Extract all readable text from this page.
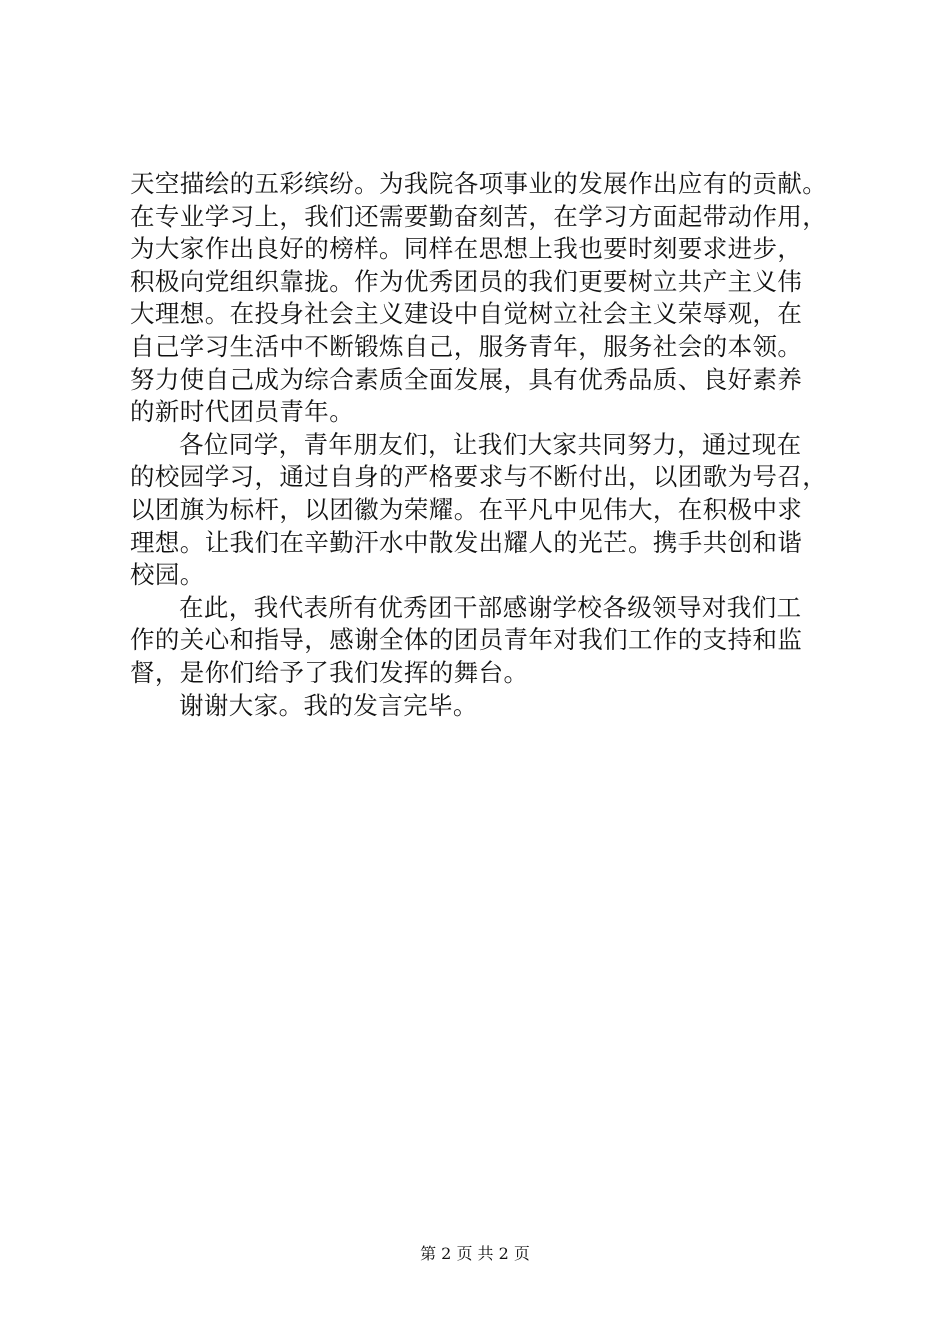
天空描绘的五彩缤纷。为我院各项事业的发展作出应有的贡献。
在专业学习上，我们还需要勤奋刻苦，在学习方面起带动作用，
为大家作出良好的榜样。同样在思想上我也要时刻要求进步，
积极向党组织靠拢。作为优秀团员的我们更要树立共产主义伟
大理想。在投身社会主义建设中自觉树立社会主义荣辱观，在
自己学习生活中不断锻炼自己，服务青年，服务社会的本领。
努力使自己成为综合素质全面发展，具有优秀品质、良好素养
的新时代团员青年。
各位同学，青年朋友们，让我们大家共同努力，通过现在
的校园学习，通过自身的严格要求与不断付出，以团歌为号召，
以团旗为标杆，以团徽为荣耀。在平凡中见伟大，在积极中求
理想。让我们在辛勤汗水中散发出耀人的光芒。携手共创和谐
校园。
在此，我代表所有优秀团干部感谢学校各级领导对我们工
作的关心和指导，感谢全体的团员青年对我们工作的支持和监
督，是你们给予了我们发挥的舞台。
谢谢大家。我的发言完毕。
第 2 页 共 2 页
